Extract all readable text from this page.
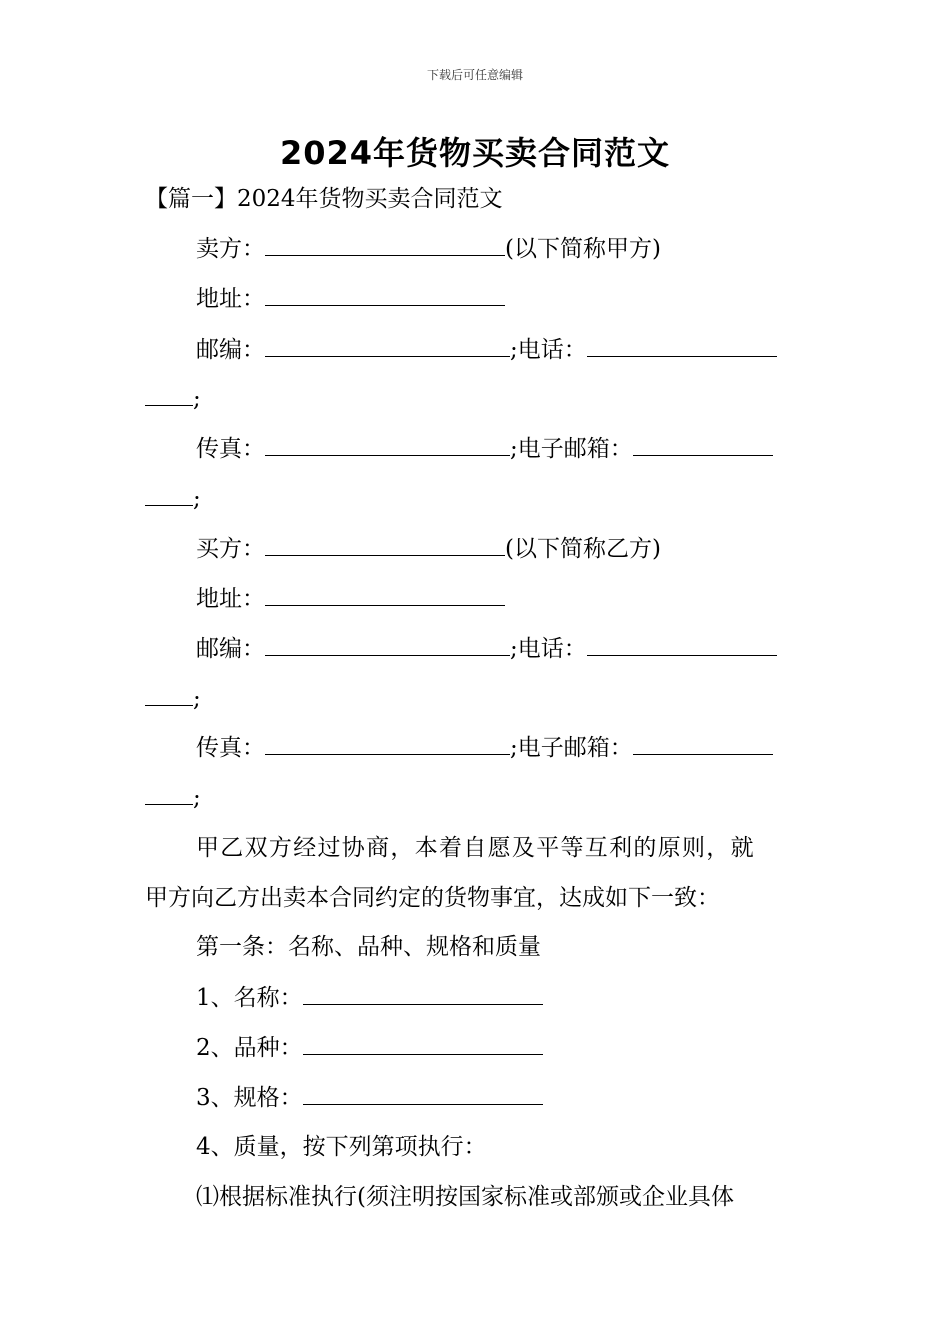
下载后可任意编辑
2024年货物买卖合同范文
【篇一】2024年货物买卖合同范文
卖方：	(以下简称甲方)
地址：
邮编：	;电话：
;
传真：	;电子邮箱：
;
买方：	(以下简称乙方)
地址：
邮编：	;电话：
;
传真：	;电子邮箱：
;
甲乙双方经过协商，本着自愿及平等互利的原则，就
甲方向乙方出卖本合同约定的货物事宜，达成如下一致：
第一条：名称、品种、规格和质量
1、名称：
2、品种：
3、规格：
4、质量，按下列第项执行：
⑴根据标准执行(须注明按国家标准或部颁或企业具体
